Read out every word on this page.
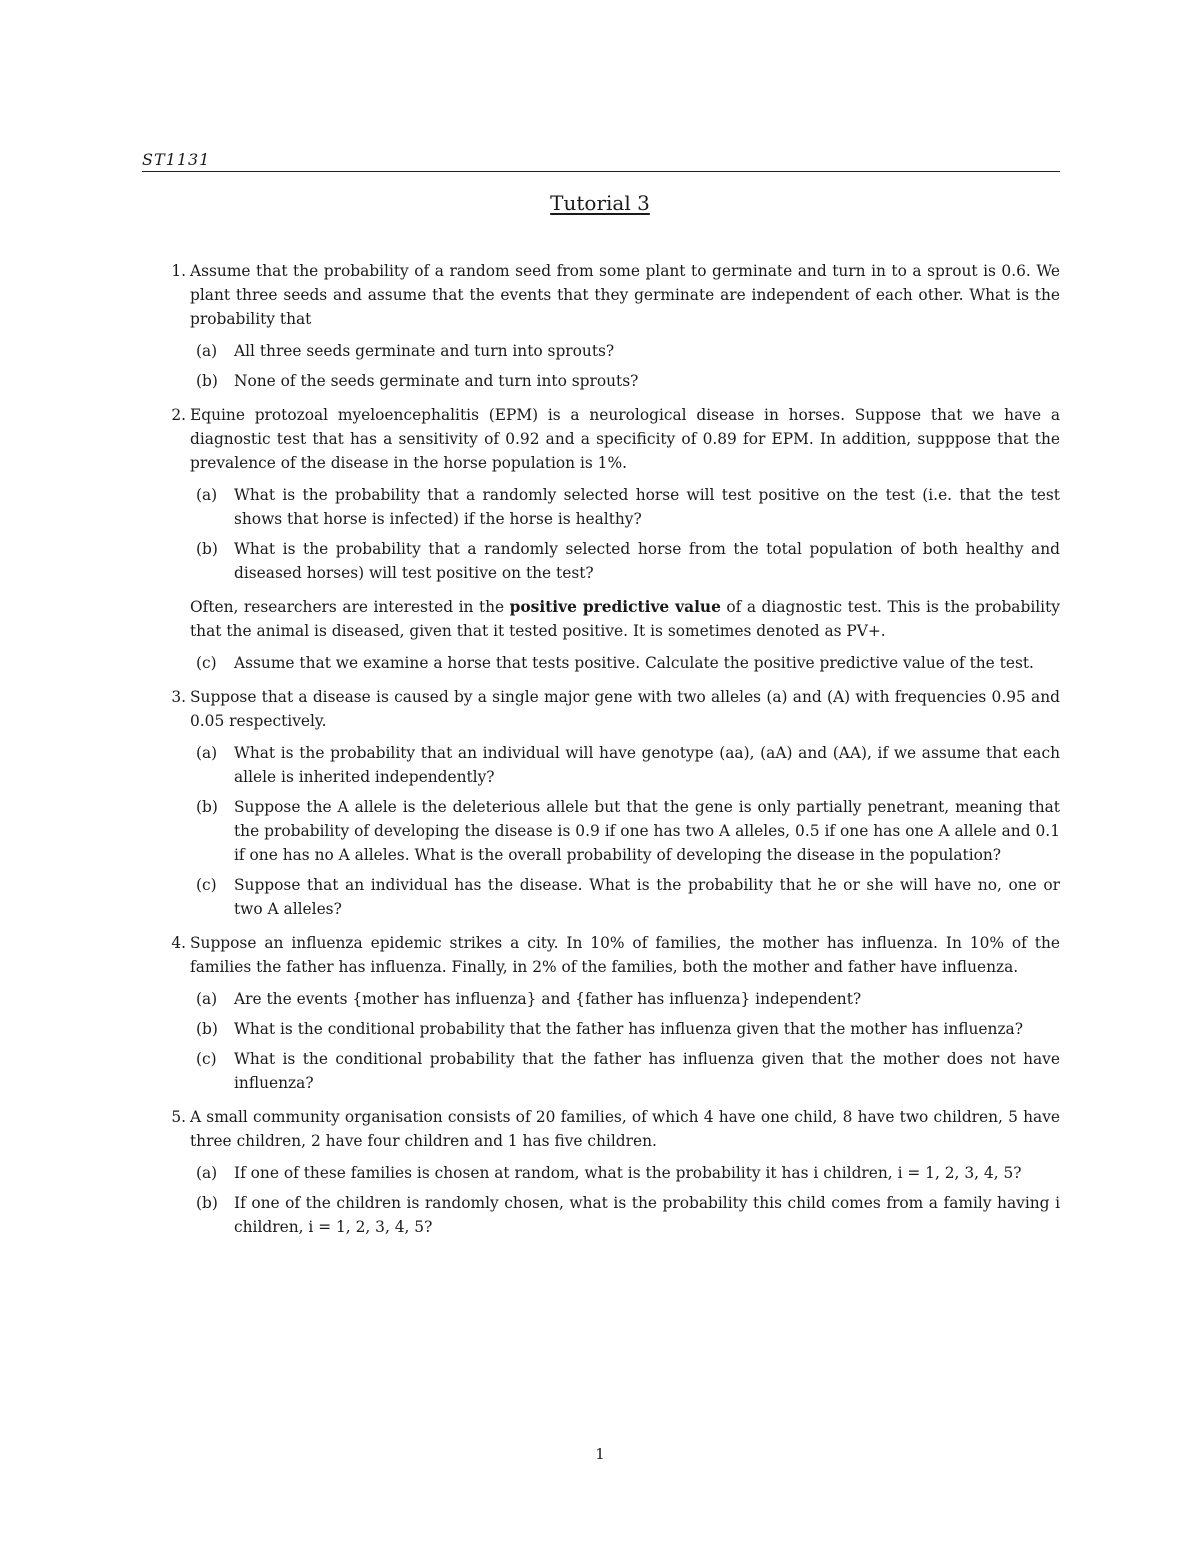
ST1131
Tutorial 3
1. Assume that the probability of a random seed from some plant to germinate and turn in to a sprout is 0.6. We plant three seeds and assume that the events that they germinate are independent of each other. What is the probability that
(a) All three seeds germinate and turn into sprouts?
(b) None of the seeds germinate and turn into sprouts?
2. Equine protozoal myeloencephalitis (EPM) is a neurological disease in horses. Suppose that we have a diagnostic test that has a sensitivity of 0.92 and a specificity of 0.89 for EPM. In addition, supppose that the prevalence of the disease in the horse population is 1%.
(a) What is the probability that a randomly selected horse will test positive on the test (i.e. that the test shows that horse is infected) if the horse is healthy?
(b) What is the probability that a randomly selected horse from the total population of both healthy and diseased horses) will test positive on the test?
Often, researchers are interested in the positive predictive value of a diagnostic test. This is the probability that the animal is diseased, given that it tested positive. It is sometimes denoted as PV+.
(c) Assume that we examine a horse that tests positive. Calculate the positive predictive value of the test.
3. Suppose that a disease is caused by a single major gene with two alleles (a) and (A) with frequencies 0.95 and 0.05 respectively.
(a) What is the probability that an individual will have genotype (aa), (aA) and (AA), if we assume that each allele is inherited independently?
(b) Suppose the A allele is the deleterious allele but that the gene is only partially penetrant, meaning that the probability of developing the disease is 0.9 if one has two A alleles, 0.5 if one has one A allele and 0.1 if one has no A alleles. What is the overall probability of developing the disease in the population?
(c) Suppose that an individual has the disease. What is the probability that he or she will have no, one or two A alleles?
4. Suppose an influenza epidemic strikes a city. In 10% of families, the mother has influenza. In 10% of the families the father has influenza. Finally, in 2% of the families, both the mother and father have influenza.
(a) Are the events {mother has influenza} and {father has influenza} independent?
(b) What is the conditional probability that the father has influenza given that the mother has influenza?
(c) What is the conditional probability that the father has influenza given that the mother does not have influenza?
5. A small community organisation consists of 20 families, of which 4 have one child, 8 have two children, 5 have three children, 2 have four children and 1 has five children.
(a) If one of these families is chosen at random, what is the probability it has i children, i = 1, 2, 3, 4, 5?
(b) If one of the children is randomly chosen, what is the probability this child comes from a family having i children, i = 1, 2, 3, 4, 5?
1
